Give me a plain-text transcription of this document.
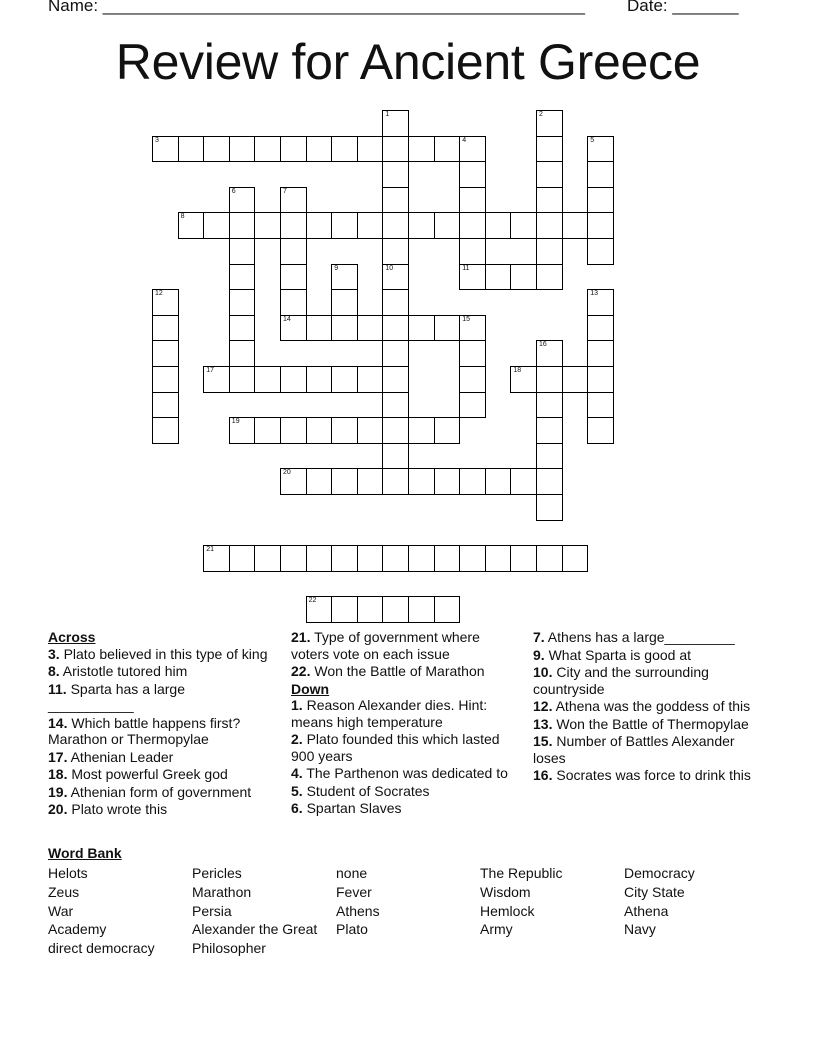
Name: ___________________________________________________ Date: _______
Review for Ancient Greece
3
8
11
14	15
17	18
19
20
21
22
1
10
2
4	5
6	7
9
12	13
16
Across
3. Plato believed in this type of king
8. Aristotle tutored him
11. Sparta has a large ___________
14. Which battle happens first? Marathon or Thermopylae
17. Athenian Leader
18. Most powerful Greek god
19. Athenian form of government
20. Plato wrote this
21. Type of government where voters vote on each issue
22. Won the Battle of Marathon
Down
1. Reason Alexander dies. Hint: means high temperature
2. Plato founded this which lasted 900 years
4. The Parthenon was dedicated to
5. Student of Socrates
6. Spartan Slaves
7. Athens has a large_________
9. What Sparta is good at
10. City and the surrounding countryside
12. Athena was the goddess of this
13. Won the Battle of Thermopylae
15. Number of Battles Alexander loses
16. Socrates was force to drink this
Word Bank
Helots	Pericles	none	The Republic	Democracy
Zeus	Marathon	Fever	Wisdom	City State
War	Persia	Athens	Hemlock	Athena
Academy	Alexander the Great	Plato	Army	Navy
direct democracy	Philosopher
